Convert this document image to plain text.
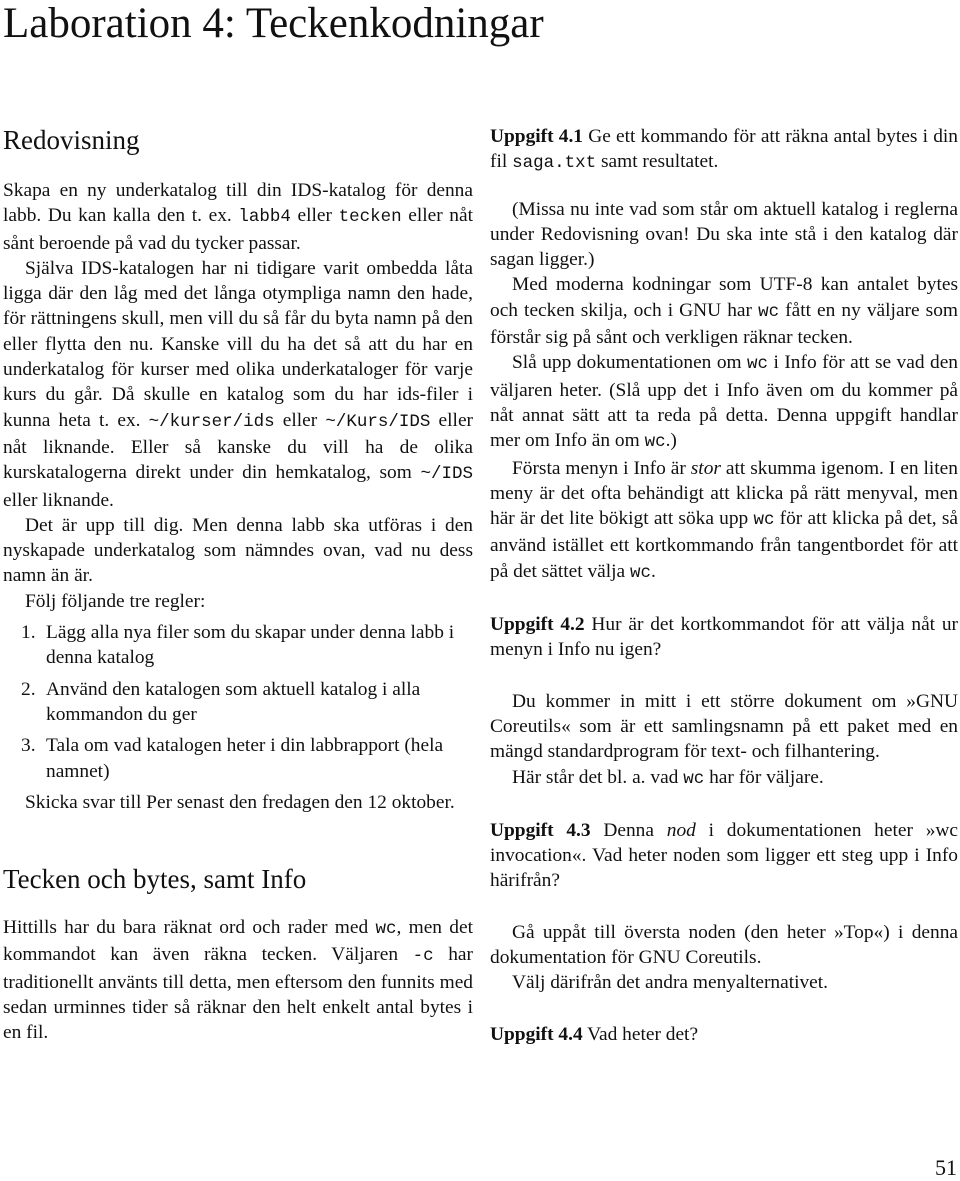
Laboration 4: Teckenkodningar
Redovisning

Skapa en ny underkatalog till din IDS-katalog för denna labb. Du kan kalla den t. ex. labb4 eller tecken eller nåt sånt beroende på vad du tycker passar.

Själva IDS-katalogen har ni tidigare varit ombedda låta ligga där den låg med det långa otympliga namn den hade, för rättningens skull, men vill du så får du byta namn på den eller flytta den nu. Kanske vill du ha det så att du har en underkatalog för kurser med olika underkataloger för varje kurs du går. Då skulle en katalog som du har ids-filer i kunna heta t. ex. ~/kurser/ids eller ~/Kurs/IDS eller nåt liknande. Eller så kanske du vill ha de olika kurskatalogerna direkt under din hemkatalog, som ~/IDS eller liknande.

Det är upp till dig. Men denna labb ska utföras i den nyskapade underkatalog som nämndes ovan, vad nu dess namn än är.

Följ följande tre regler:

1. Lägg alla nya filer som du skapar under denna labb i denna katalog
2. Använd den katalogen som aktuell katalog i alla kommandon du ger
3. Tala om vad katalogen heter i din labbrapport (hela namnet)

Skicka svar till Per senast den fredagen den 12 oktober.

Tecken och bytes, samt Info

Hittills har du bara räknat ord och rader med wc, men det kommandot kan även räkna tecken. Väljaren -c har traditionellt använts till detta, men eftersom den funnits med sedan urminnes tider så räknar den helt enkelt antal bytes i en fil.

Uppgift 4.1 Ge ett kommando för att räkna antal bytes i din fil saga.txt samt resultatet.

(Missa nu inte vad som står om aktuell katalog i reglerna under Redovisning ovan! Du ska inte stå i den katalog där sagan ligger.)

Med moderna kodningar som UTF-8 kan antalet bytes och tecken skilja, och i GNU har wc fått en ny väljare som förstår sig på sånt och verkligen räknar tecken.

Slå upp dokumentationen om wc i Info för att se vad den väljaren heter. (Slå upp det i Info även om du kommer på nåt annat sätt att ta reda på detta. Denna uppgift handlar mer om Info än om wc.)

Första menyn i Info är stor att skumma igenom. I en liten meny är det ofta behändigt att klicka på rätt menyval, men här är det lite bökigt att söka upp wc för att klicka på det, så använd istället ett kortkommando från tangentbordet för att på det sättet välja wc.

Uppgift 4.2 Hur är det kortkommandot för att välja nåt ur menyn i Info nu igen?

Du kommer in mitt i ett större dokument om »GNU Coreutils« som är ett samlingsnamn på ett paket med en mängd standardprogram för text- och filhantering.

Här står det bl. a. vad wc har för väljare.

Uppgift 4.3 Denna nod i dokumentationen heter »wc invocation«. Vad heter noden som ligger ett steg upp i Info härifrån?

Gå uppåt till översta noden (den heter »Top«) i denna dokumentation för GNU Coreutils.

Välj därifrån det andra menyalternativet.

Uppgift 4.4 Vad heter det?

51
